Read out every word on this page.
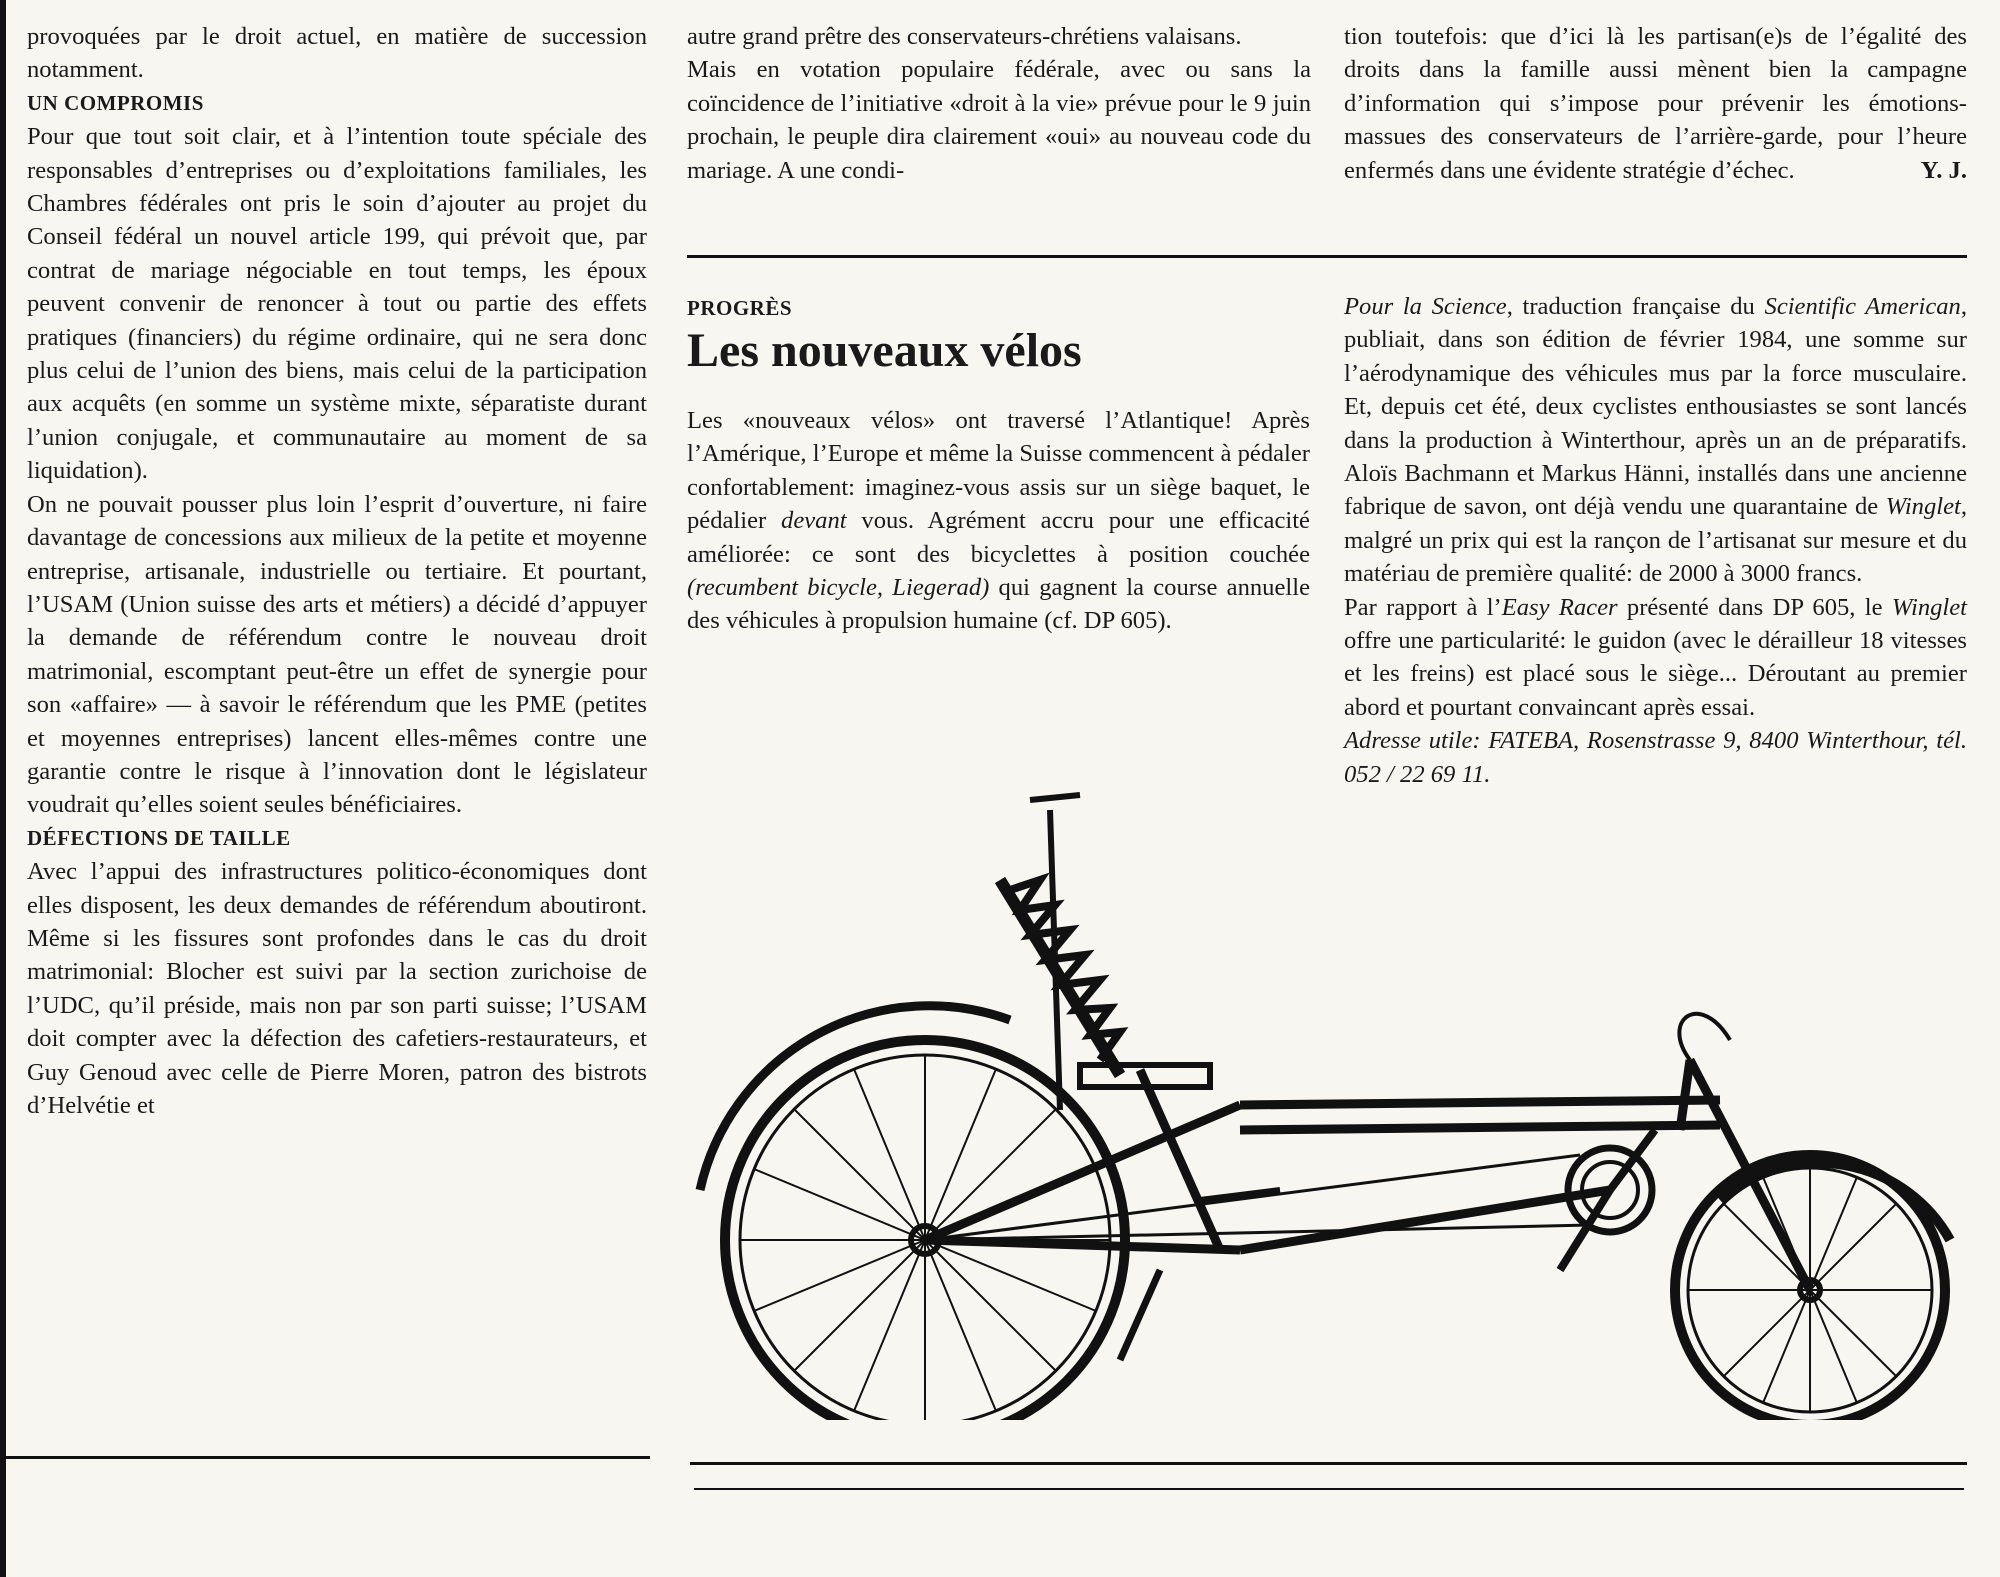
provoquées par le droit actuel, en matière de succession notamment.

UN COMPROMIS

Pour que tout soit clair, et à l’intention toute spéciale des responsables d’entreprises ou d’exploitations familiales, les Chambres fédérales ont pris le soin d’ajouter au projet du Conseil fédéral un nouvel article 199, qui prévoit que, par contrat de mariage négociable en tout temps, les époux peuvent convenir de renoncer à tout ou partie des effets pratiques (financiers) du régime ordinaire, qui ne sera donc plus celui de l’union des biens, mais celui de la participation aux acquêts (en somme un système mixte, séparatiste durant l’union conjugale, et communautaire au moment de sa liquidation).

On ne pouvait pousser plus loin l’esprit d’ouverture, ni faire davantage de concessions aux milieux de la petite et moyenne entreprise, artisanale, industrielle ou tertiaire. Et pourtant, l’USAM (Union suisse des arts et métiers) a décidé d’appuyer la demande de référendum contre le nouveau droit matrimonial, escomptant peut-être un effet de synergie pour son «affaire» — à savoir le référendum que les PME (petites et moyennes entreprises) lancent elles-mêmes contre une garantie contre le risque à l’innovation dont le législateur voudrait qu’elles soient seules bénéficiaires.

DÉFECTIONS DE TAILLE

Avec l’appui des infrastructures politico-économiques dont elles disposent, les deux demandes de référendum aboutiront. Même si les fissures sont profondes dans le cas du droit matrimonial: Blocher est suivi par la section zurichoise de l’UDC, qu’il préside, mais non par son parti suisse; l’USAM doit compter avec la défection des cafetiers-restaurateurs, et Guy Genoud avec celle de Pierre Moren, patron des bistrots d’Helvétie et

autre grand prêtre des conservateurs-chrétiens valaisans.

Mais en votation populaire fédérale, avec ou sans la coïncidence de l’initiative «droit à la vie» prévue pour le 9 juin prochain, le peuple dira clairement «oui» au nouveau code du mariage. A une condi-

tion toutefois: que d’ici là les partisan(e)s de l’égalité des droits dans la famille aussi mènent bien la campagne d’information qui s’impose pour prévenir les émotions-massues des conservateurs de l’arrière-garde, pour l’heure enfermés dans une évidente stratégie d’échec.	Y. J.

PROGRÈS

Les nouveaux vélos

Les «nouveaux vélos» ont traversé l’Atlantique! Après l’Amérique, l’Europe et même la Suisse commencent à pédaler confortablement: imaginez-vous assis sur un siège baquet, le pédalier devant vous. Agrément accru pour une efficacité améliorée: ce sont des bicyclettes à position couchée (recumbent bicycle, Liegerad) qui gagnent la course annuelle des véhicules à propulsion humaine (cf. DP 605).

Pour la Science, traduction française du Scientific American, publiait, dans son édition de février 1984, une somme sur l’aérodynamique des véhicules mus par la force musculaire. Et, depuis cet été, deux cyclistes enthousiastes se sont lancés dans la production à Winterthour, après un an de préparatifs. Aloïs Bachmann et Markus Hänni, installés dans une ancienne fabrique de savon, ont déjà vendu une quarantaine de Winglet, malgré un prix qui est la rançon de l’artisanat sur mesure et du matériau de première qualité: de 2000 à 3000 francs.

Par rapport à l’Easy Racer présenté dans DP 605, le Winglet offre une particularité: le guidon (avec le dérailleur 18 vitesses et les freins) est placé sous le siège... Déroutant au premier abord et pourtant convaincant après essai.

Adresse utile: FATEBA, Rosenstrasse 9, 8400 Winterthour, tél. 052 / 22 69 11.
